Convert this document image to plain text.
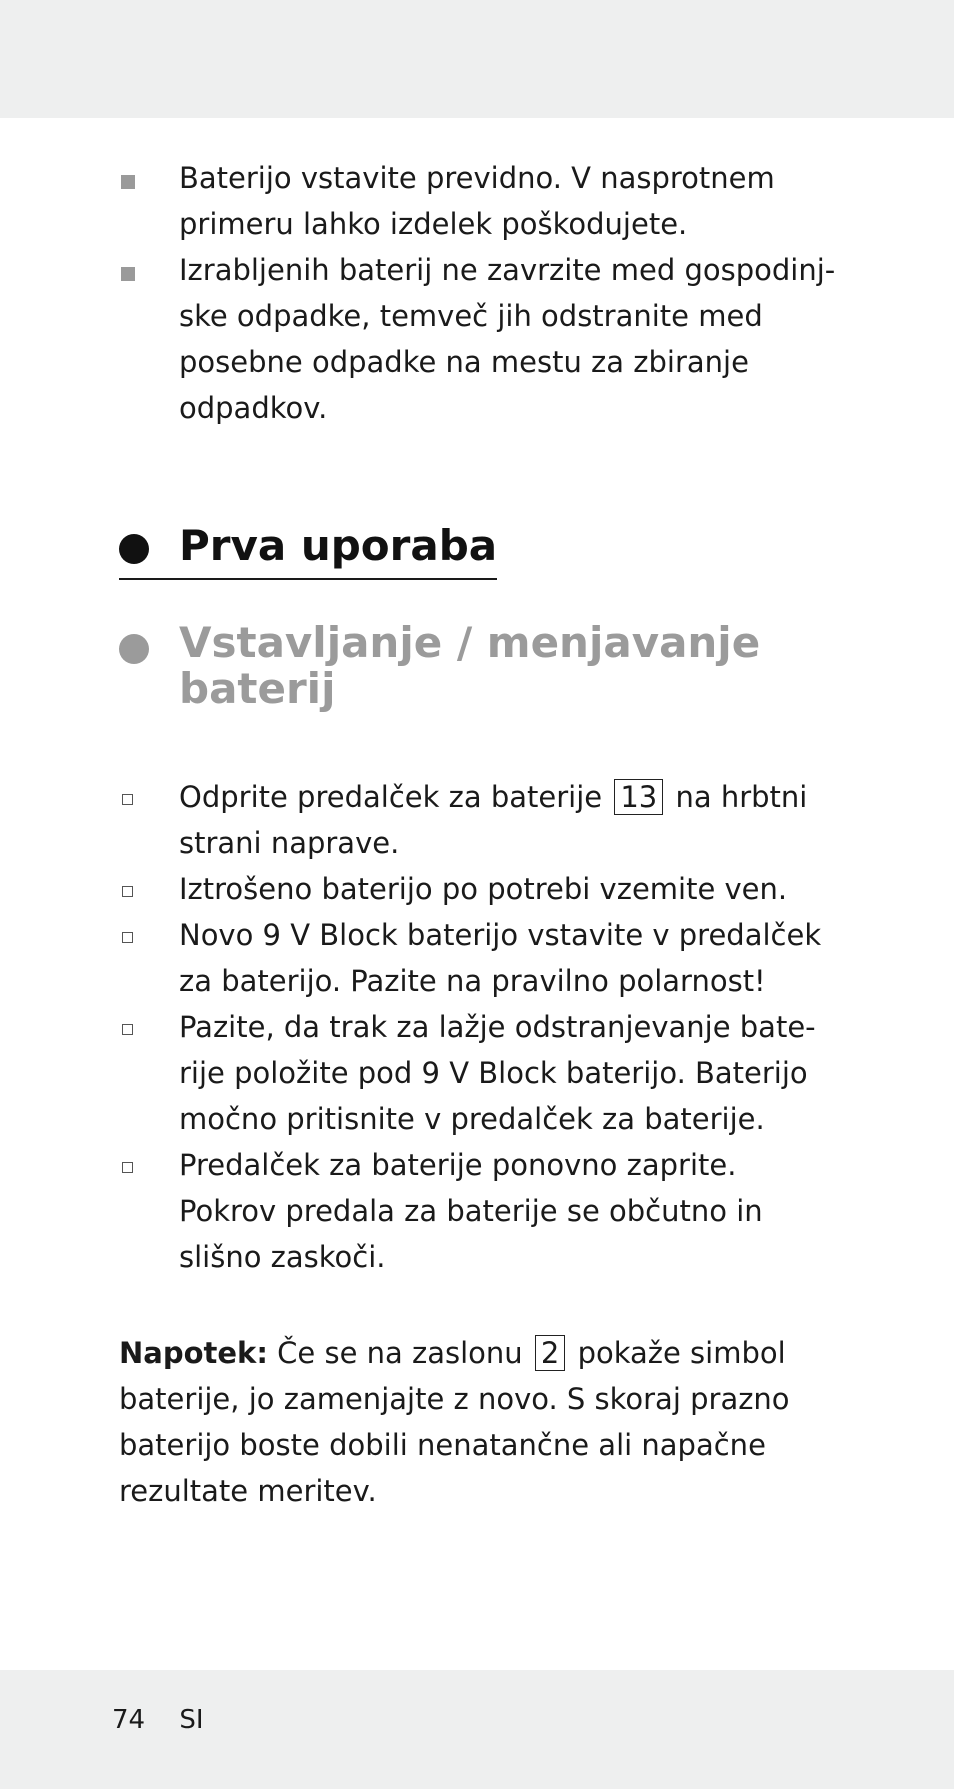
Baterijo vstavite previdno. V nasprotnem primeru lahko izdelek poškodujete.
Izrabljenih baterij ne zavrzite med gospodinj-ske odpadke, temveč jih odstranite med posebne odpadke na mestu za zbiranje odpadkov.
Prva uporaba
Vstavljanje / menjavanje baterij
Odprite predalček za baterije 13 na hrbtni strani naprave.
Iztrošeno baterijo po potrebi vzemite ven.
Novo 9 V Block baterijo vstavite v predalček za baterijo. Pazite na pravilno polarnost!
Pazite, da trak za lažje odstranjevanje bate-rije položite pod 9 V Block baterijo. Baterijo močno pritisnite v predalček za baterije.
Predalček za baterije ponovno zaprite. Pokrov predala za baterije se občutno in slišno zaskoči.

Napotek: Če se na zaslonu 2 pokaže simbol baterije, jo zamenjajte z novo. S skoraj prazno baterijo boste dobili nenatančne ali napačne rezultate meritev.

74 SI
